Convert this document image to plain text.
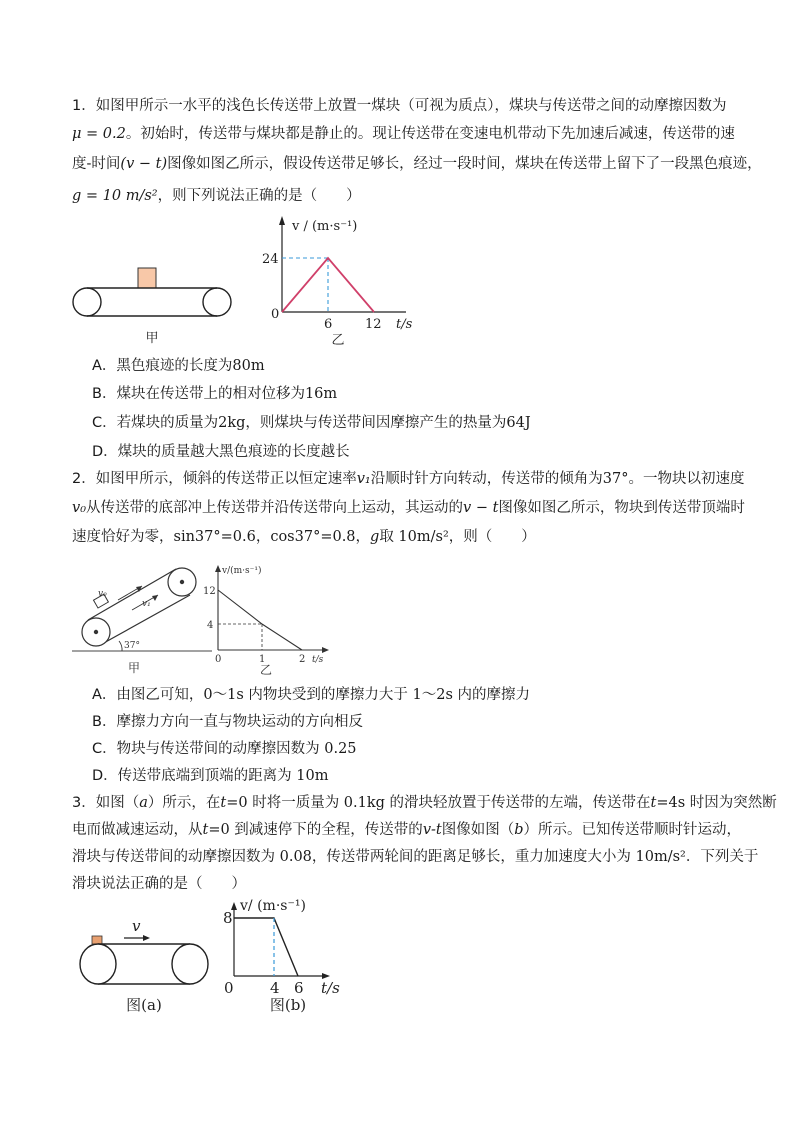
1．如图甲所示一水平的浅色长传送带上放置一煤块（可视为质点），煤块与传送带之间的动摩擦因数为
μ = 0.2。初始时，传送带与煤块都是静止的。现让传送带在变速电机带动下先加速后减速，传送带的速
度-时间(v − t)图像如图乙所示，假设传送带足够长，经过一段时间，煤块在传送带上留下了一段黑色痕迹，
g = 10 m/s²，则下列说法正确的是（　　）
甲
v / (m·s⁻¹)
24
0
6	12 t/s
乙
A．黑色痕迹的长度为80m
B．煤块在传送带上的相对位移为16m
C．若煤块的质量为2kg，则煤块与传送带间因摩擦产生的热量为64J
D．煤块的质量越大黑色痕迹的长度越长
2．如图甲所示，倾斜的传送带正以恒定速率v₁沿顺时针方向转动，传送带的倾角为37°。一物块以初速度
v₀从传送带的底部冲上传送带并沿传送带向上运动，其运动的v − t图像如图乙所示，物块到传送带顶端时
速度恰好为零，sin37°=0.6，cos37°=0.8，g取 10m/s²，则（　　）
v₀
v₁
37°
甲
v/(m·s⁻¹)
12
4
0	1	2 t/s
乙
A．由图乙可知，0～1s 内物块受到的摩擦力大于 1～2s 内的摩擦力
B．摩擦力方向一直与物块运动的方向相反
C．物块与传送带间的动摩擦因数为 0.25
D．传送带底端到顶端的距离为 10m
3．如图（a）所示，在t=0 时将一质量为 0.1kg 的滑块轻放置于传送带的左端，传送带在t=4s 时因为突然断
电而做减速运动，从t=0 到减速停下的全程，传送带的v-t图像如图（b）所示。已知传送带顺时针运动，
滑块与传送带间的动摩擦因数为 0.08，传送带两轮间的距离足够长，重力加速度大小为 10m/s²．下列关于
滑块说法正确的是（　　）
v
图(a)
v/ (m·s⁻¹)
8
0 4 6 t/s
图(b)
